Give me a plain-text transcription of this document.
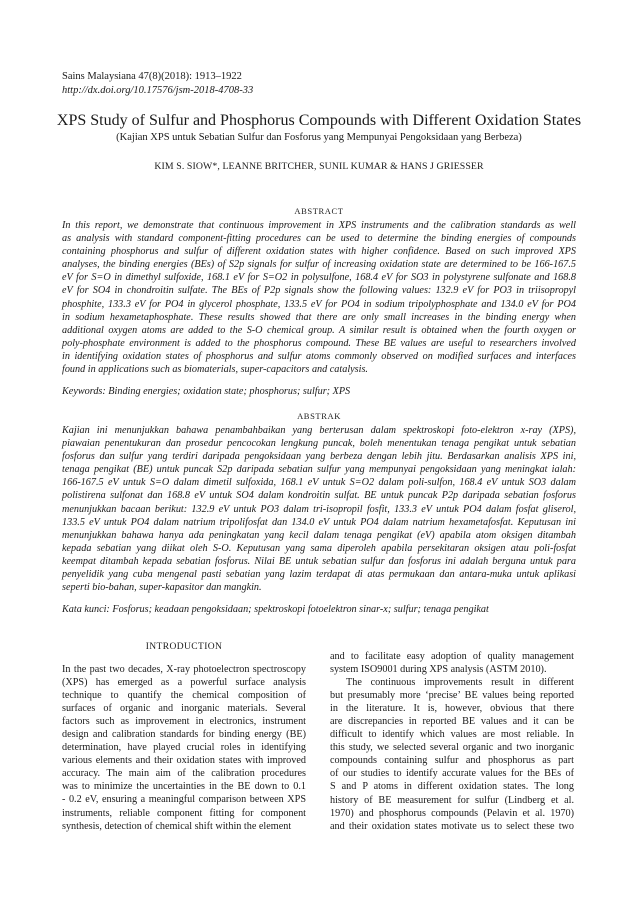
Sains Malaysiana 47(8)(2018): 1913–1922
http://dx.doi.org/10.17576/jsm-2018-4708-33
XPS Study of Sulfur and Phosphorus Compounds with Different Oxidation States
(Kajian XPS untuk Sebatian Sulfur dan Fosforus yang Mempunyai Pengoksidaan yang Berbeza)
KIM S. SIOW*, LEANNE BRITCHER, SUNIL KUMAR & HANS J GRIESSER
ABSTRACT
In this report, we demonstrate that continuous improvement in XPS instruments and the calibration standards as well
as analysis with standard component-fitting procedures can be used to determine the binding energies of compounds
containing phosphorus and sulfur of different oxidation states with higher confidence. Based on such improved XPS
analyses, the binding energies (BEs) of S2p signals for sulfur of increasing oxidation state are determined to be 166-167.5
eV for S=O in dimethyl sulfoxide, 168.1 eV for S=O2 in polysulfone, 168.4 eV for SO3 in polystyrene sulfonate and 168.8
eV for SO4 in chondroitin sulfate. The BEs of P2p signals show the following values: 132.9 eV for PO3 in triisopropyl
phosphite, 133.3 eV for PO4 in glycerol phosphate, 133.5 eV for PO4 in sodium tripolyphosphate and 134.0 eV for PO4
in sodium hexametaphosphate. These results showed that there are only small increases in the binding energy when
additional oxygen atoms are added to the S-O chemical group. A similar result is obtained when the fourth oxygen or
poly-phosphate environment is added to the phosphorus compound. These BE values are useful to researchers involved
in identifying oxidation states of phosphorus and sulfur atoms commonly observed on modified surfaces and interfaces
found in applications such as biomaterials, super-capacitors and catalysis.
Keywords: Binding energies; oxidation state; phosphorus; sulfur; XPS
ABSTRAK
Kajian ini menunjukkan bahawa penambahbaikan yang berterusan dalam spektroskopi foto-elektron x-ray (XPS),
piawaian penentukuran dan prosedur pencocokan lengkung puncak, boleh menentukan tenaga pengikat untuk sebatian
fosforus dan sulfur yang terdiri daripada pengoksidaan yang berbeza dengan lebih jitu. Berdasarkan analisis XPS ini,
tenaga pengikat (BE) untuk puncak S2p daripada sebatian sulfur yang mempunyai pengoksidaan yang meningkat ialah:
166-167.5 eV untuk S=O dalam dimetil sulfoxida, 168.1 eV untuk S=O2 dalam poli-sulfon, 168.4 eV untuk SO3 dalam
polistirena sulfonat dan 168.8 eV untuk SO4 dalam kondroitin sulfat. BE untuk puncak P2p daripada sebatian fosforus
menunjukkan bacaan berikut: 132.9 eV untuk PO3 dalam tri-isopropil fosfit, 133.3 eV untuk PO4 dalam fosfat gliserol,
133.5 eV untuk PO4 dalam natrium tripolifosfat dan 134.0 eV untuk PO4 dalam natrium hexametafosfat. Keputusan ini
menunjukkan bahawa hanya ada peningkatan yang kecil dalam tenaga pengikat (eV) apabila atom oksigen ditambah
kepada sebatian yang diikat oleh S-O. Keputusan yang sama diperoleh apabila persekitaran oksigen atau poli-fosfat
keempat ditambah kepada sebatian fosforus. Nilai BE untuk sebatian sulfur dan fosforus ini adalah berguna untuk para
penyelidik yang cuba mengenal pasti sebatian yang lazim terdapat di atas permukaan dan antara-muka untuk aplikasi
seperti bio-bahan, super-kapasitor dan mangkin.
Kata kunci: Fosforus; keadaan pengoksidaan; spektroskopi fotoelektron sinar-x; sulfur; tenaga pengikat
INTRODUCTION
In the past two decades, X-ray photoelectron spectroscopy
(XPS) has emerged as a powerful surface analysis
technique to quantify the chemical composition of
surfaces of organic and inorganic materials. Several
factors such as improvement in electronics, instrument
design and calibration standards for binding energy (BE)
determination, have played crucial roles in identifying
various elements and their oxidation states with improved
accuracy. The main aim of the calibration procedures
was to minimize the uncertainties in the BE down to 0.1
- 0.2 eV, ensuring a meaningful comparison between XPS
instruments, reliable component fitting for component
synthesis, detection of chemical shift within the element
and to facilitate easy adoption of quality management
system ISO9001 during XPS analysis (ASTM 2010).
The continuous improvements result in different
but presumably more ‘precise’ BE values being reported
in the literature. It is, however, obvious that there
are discrepancies in reported BE values and it can be
difficult to identify which values are most reliable. In
this study, we selected several organic and two inorganic
compounds containing sulfur and phosphorus as part
of our studies to identify accurate values for the BEs of
S and P atoms in different oxidation states. The long
history of BE measurement for sulfur (Lindberg et al.
1970) and phosphorus compounds (Pelavin et al. 1970)
and their oxidation states motivate us to select these two
